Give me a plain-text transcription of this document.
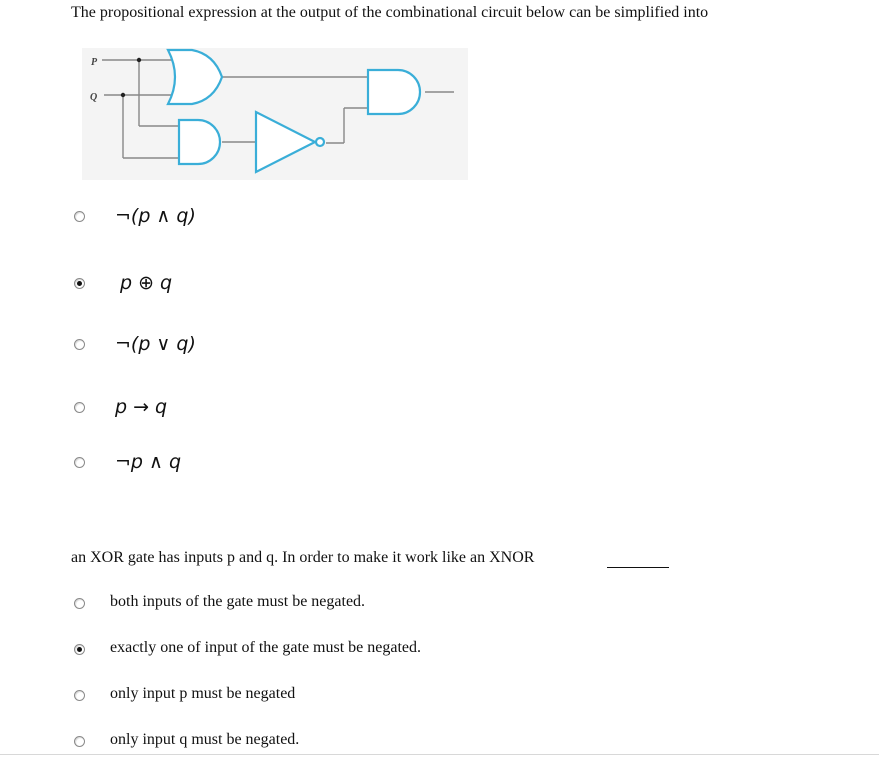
The propositional expression at the output of the combinational circuit below can be simplified into
P
Q
¬(p ∧ q)
p ⊕ q
¬(p ∨ q)
p → q
¬p ∧ q
an XOR gate has inputs p and q. In order to make it work like an XNOR
both inputs of the gate must be negated.
exactly one of input of the gate must be negated.
only input p must be negated
only input q must be negated.
